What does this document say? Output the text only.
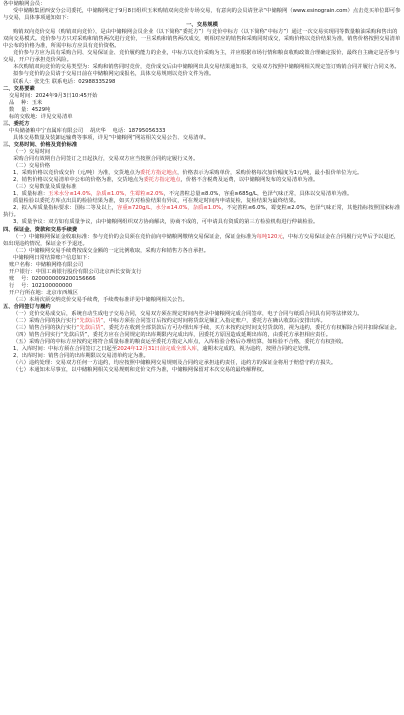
各中储粮网会员：

受中储粮集团西安分公司委托，中储粮网定于9月8日组织玉米购销双向竞价专场交易，有意向的会员请登录“中储粮网（www.esinograin.com）点击竞买单位即可参与交易，具体事项通知如下：

一、交易规模

购销双向竞价交易（购销双向竞价），是由中储粮网会员企业（以下简称“委托方”）与竞价中标方（以下简称“中标方”）通过一次交易实现同等数量粮油采购和售出的双向交易模式。竞价参与方只对采购和销售两次进行竞价，一旦采购和销售两次成交，则相对应的销售和采购同时成交，采购价格以竞价结果为准，销售价格按照交易清单中公布的价格为准，所需中标方应具有竞价资格。

竞价参与方应为具有采购合同、交易保证金、竞价履约能力的企业，中标方以竞价采购为主，并应根据市场行情和粮食收购政策合理确定报价，最终自主确定是否参与交易，开户行承担竞价风险。

本次购销双向竞价的交易类型为：采购和销售同时竞价，竞价成交后由中储粮网出具交易结果通知书，交易双方按照中储粮网相关规定签订购销合同并履行合同义务。

拟参与竞价的会员请于交易日前在中储粮网完成报名，具体交易规则以竞价文件为准。

联系人：张先生 联系电话：02988335298

二、交易要素

交易时间：2024年9月3日10:45开始

品    种：玉米

数    量：4529吨

标的交收地：详见交易清单

三、委托方

中央储备粮中宁直属库有限公司    胡庆华    电话：18795056333

具体交易数量及装卸运输费等事项，详见“中储粮网”网站相关交易公告、交易清单。

三、交易时间、价格及竞价标准

（一）交易时间

采购合同有效期自合同签订之日起执行，交易双方应当按照合同约定履行义务。

（二）交易价格

1、采购价格以竞价成交价（元/吨）为准，交货地点为委托方指定地点，价格表示为采购单价，采购价格每次加价幅度为1元/吨，最小报价单位为元。

2、销售价格以交易清单中公布的价格为准，交货地点为委托方指定地点，价格不含税费及运费，以中储粮网发布的交易清单为准。

（三）交易数量及质量标准

1、质量标准：玉米水分≤14.0%，杂质≤1.0%，生霉粒≤2.0%，不完善粒总量≤8.0%，容重≥685g/L，色泽气味正常，具体以交易清单为准。

质量检验以委托方库点出具的检验结果为准，如买方对检验结果有异议，可在规定时间内申请复检，复检结果为最终结果。

2、拟入库质量指标要求：国标二等及以上，容重≥720g/L，水分≤14.0%，杂质≤1.0%，不完善粒≤6.0%，霉变粒≤2.0%，色泽气味正常，其他指标按照国家标准执行。

3、质量争议：双方如有质量争议，由中储粮网组织双方协商解决，协商不成的，可申请具有资质的第三方检验机构进行仲裁检验。

四、保证金、资款和交易手续费

（一）中储粮网保证金收取标准：参与竞价的会员须在竞价前向中储粮网缴纳交易保证金，保证金标准为每吨120元，中标方交易保证金在合同履行完毕后予以退还，如出现违约情况，保证金不予退还。

（二）中储粮网交易手续费按成交金额的一定比例收取，采购方和销售方各自承担。

中储粮网日常结算账户信息如下：

账户名称：中储粮网络有限公司

开户银行：中国工商银行股份有限公司北京西长安街支行

账    号：0200000009200156666

行    号：102100000000

开户行所在地：北京市西城区

（三）本场次须交纳竞价交易手续费，手续费标准详见中储粮网相关公告。

五、合同签订与履约

（一）竞价交易成交后，系统自动生成电子交易合同，交易双方须在规定时间内登录中储粮网完成合同签章，电子合同与纸质合同具有同等法律效力。

（二）采购合同的执行实行“先款后货”，中标方须在合同签订后按约定时间将货款足额汇入指定账户，委托方在确认收款后安排出库。

（三）销售合同的执行实行“先款后货”，委托方在收到全部货款后方可办理出库手续，买方未按约定时间支付货款的，视为违约，委托方有权解除合同并扣除保证金。

（四）销售合同实行“先款后货”，委托方应在合同规定的出库期限内完成出库，因委托方原因造成延期出库的，由委托方承担相应责任。

（五）采购合同的中标方应按约定将符合质量标准的粮食运至委托方指定入库点，入库检验合格后办理结算，如检验不合格，委托方有权拒收。

1、入库时间：中标方须在合同签订之日起至2024年12月31日前完成全部入库，逾期未完成的，视为违约，按照合同约定处理。

2、出库时间：销售合同的出库期限以交易清单约定为准。

（六）违约处理：交易双方任何一方违约，均应按照中储粮网交易规则及合同约定承担违约责任，违约方的保证金将用于赔偿守约方损失。

（七）本通知未尽事宜，以中储粮网相关交易规则和竞价文件为准，中储粮网保留对本次交易的最终解释权。
